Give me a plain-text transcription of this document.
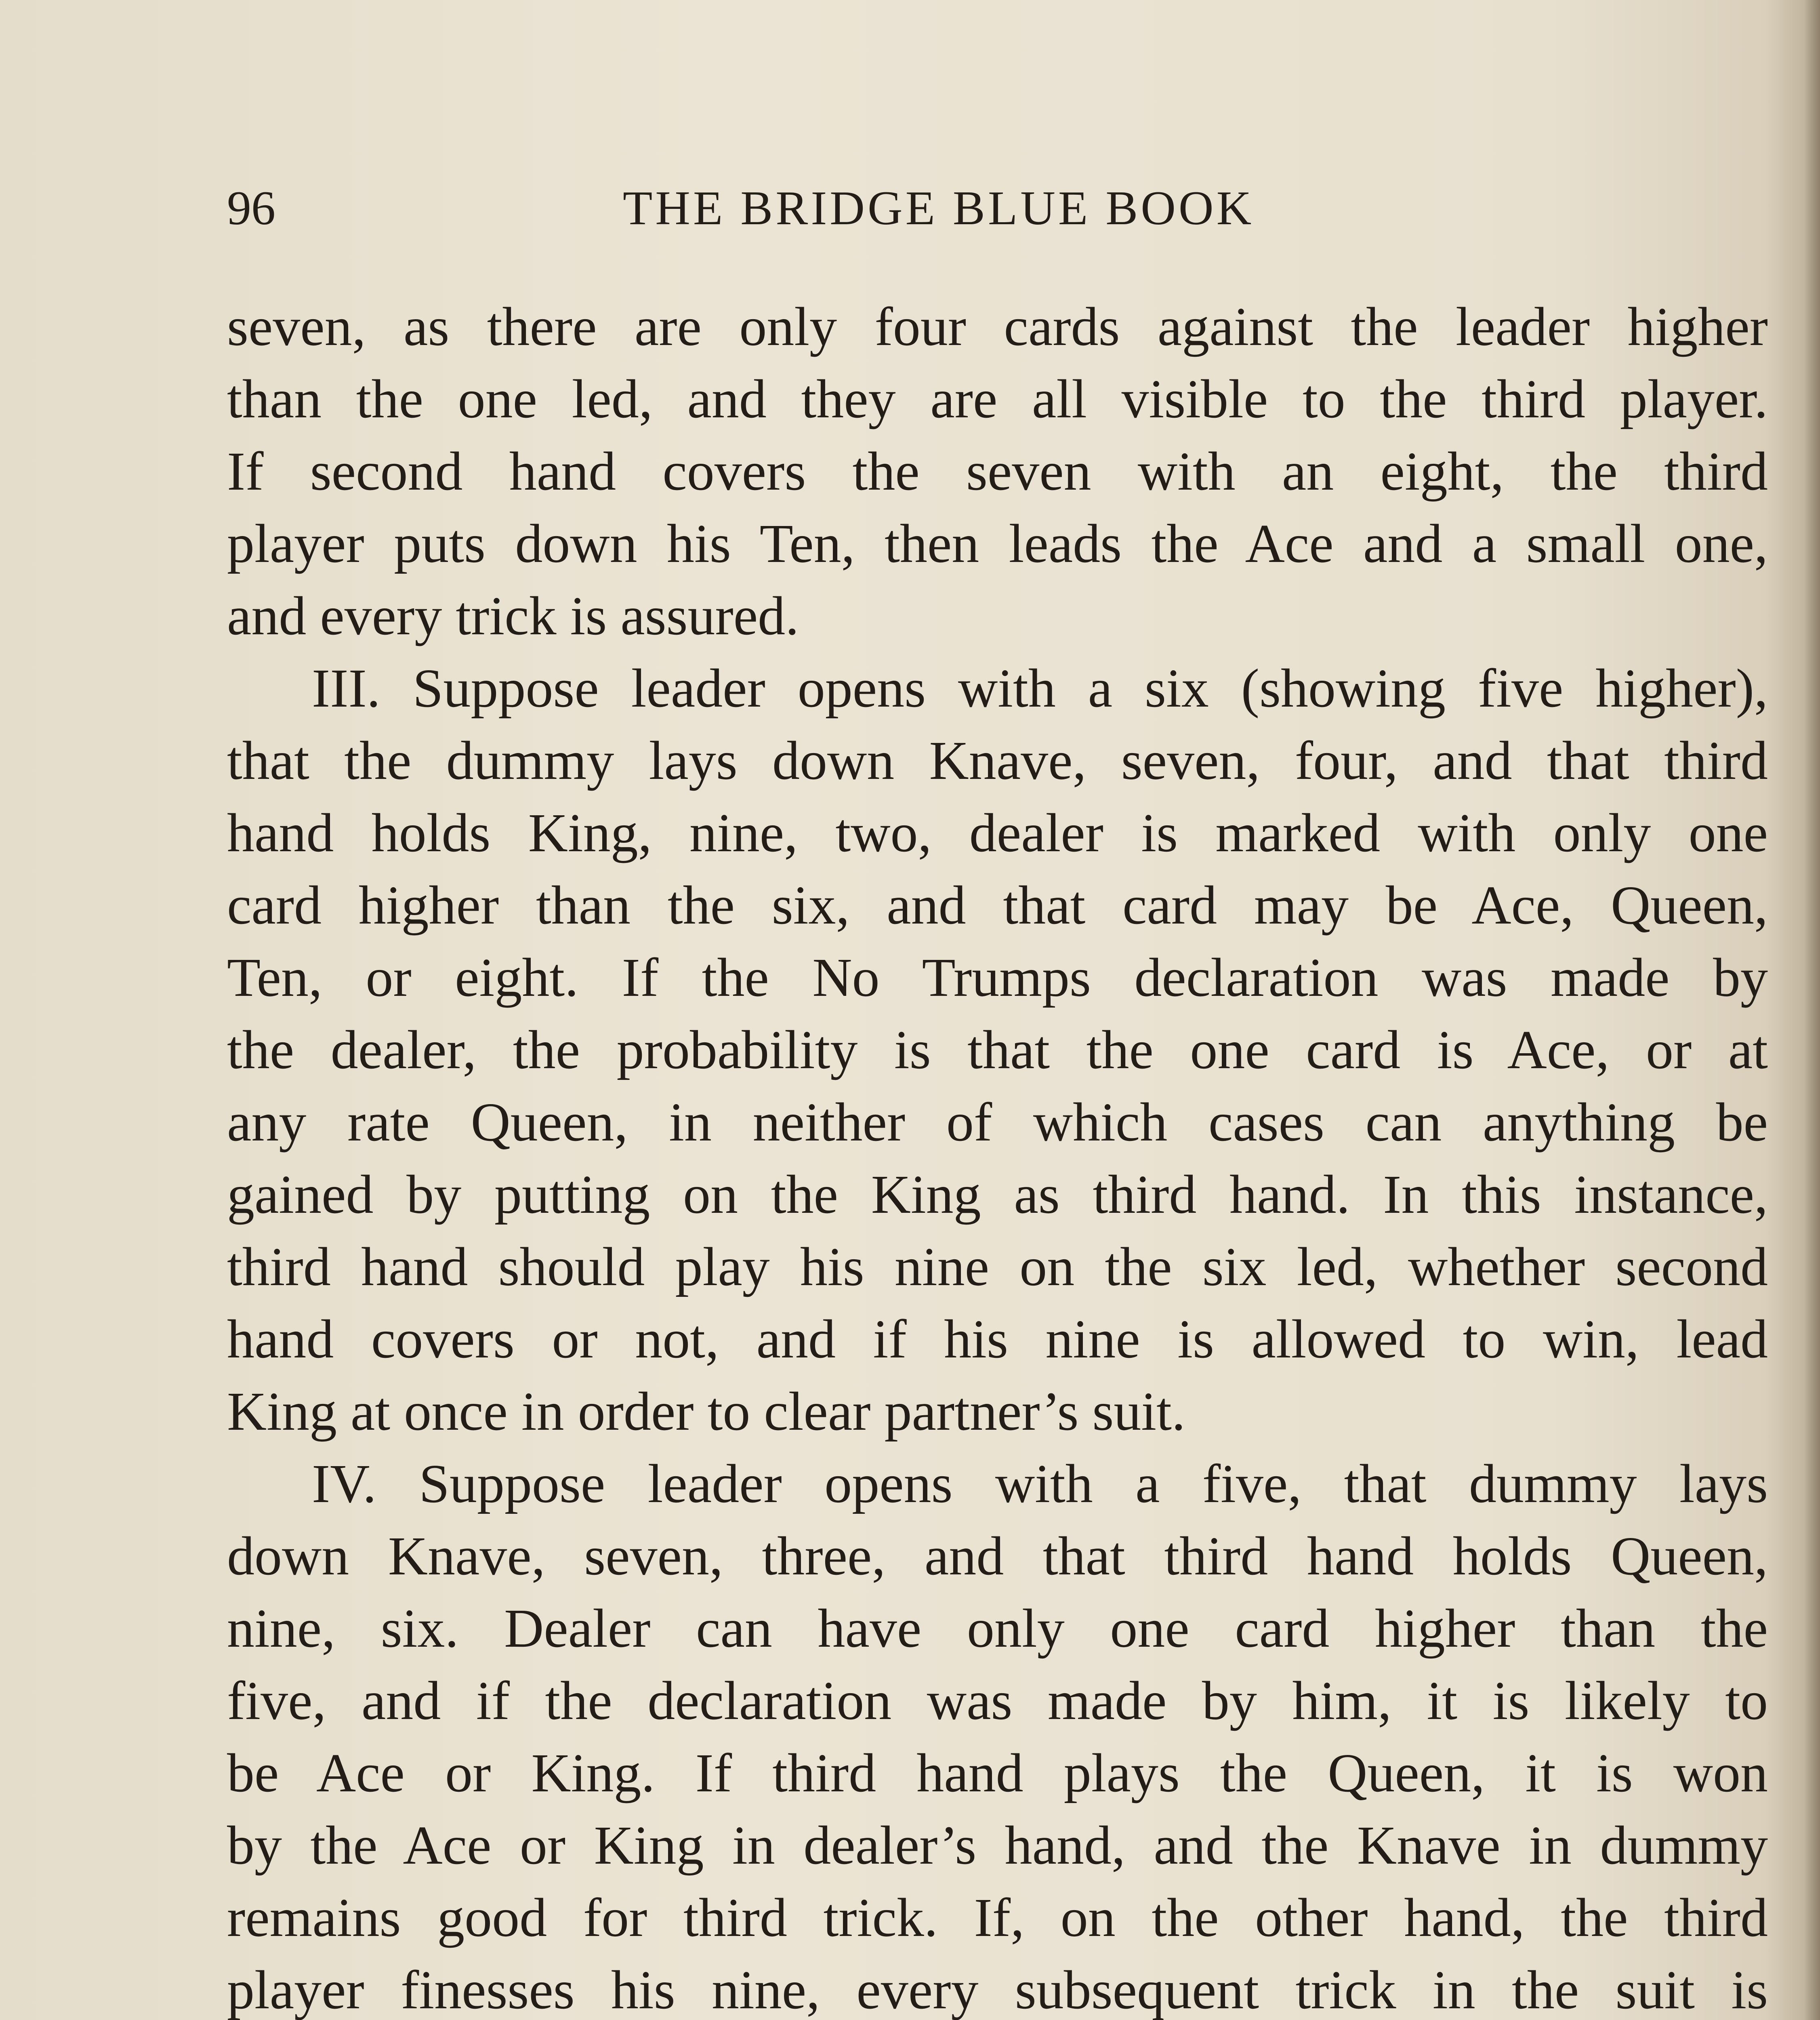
96	THE BRIDGE BLUE BOOK
seven, as there are only four cards against the leader higher
than the one led, and they are all visible to the third player.
If second hand covers the seven with an eight, the third
player puts down his Ten, then leads the Ace and a small one,
and every trick is assured.
III. Suppose leader opens with a six (showing five higher),
that the dummy lays down Knave, seven, four, and that third
hand holds King, nine, two, dealer is marked with only one
card higher than the six, and that card may be Ace, Queen,
Ten, or eight. If the No Trumps declaration was made by
the dealer, the probability is that the one card is Ace, or at
any rate Queen, in neither of which cases can anything be
gained by putting on the King as third hand. In this instance,
third hand should play his nine on the six led, whether second
hand covers or not, and if his nine is allowed to win, lead
King at once in order to clear partner’s suit.
IV. Suppose leader opens with a five, that dummy lays
down Knave, seven, three, and that third hand holds Queen,
nine, six. Dealer can have only one card higher than the
five, and if the declaration was made by him, it is likely to
be Ace or King. If third hand plays the Queen, it is won
by the Ace or King in dealer’s hand, and the Knave in dummy
remains good for third trick. If, on the other hand, the third
player finesses his nine, every subsequent trick in the suit is
